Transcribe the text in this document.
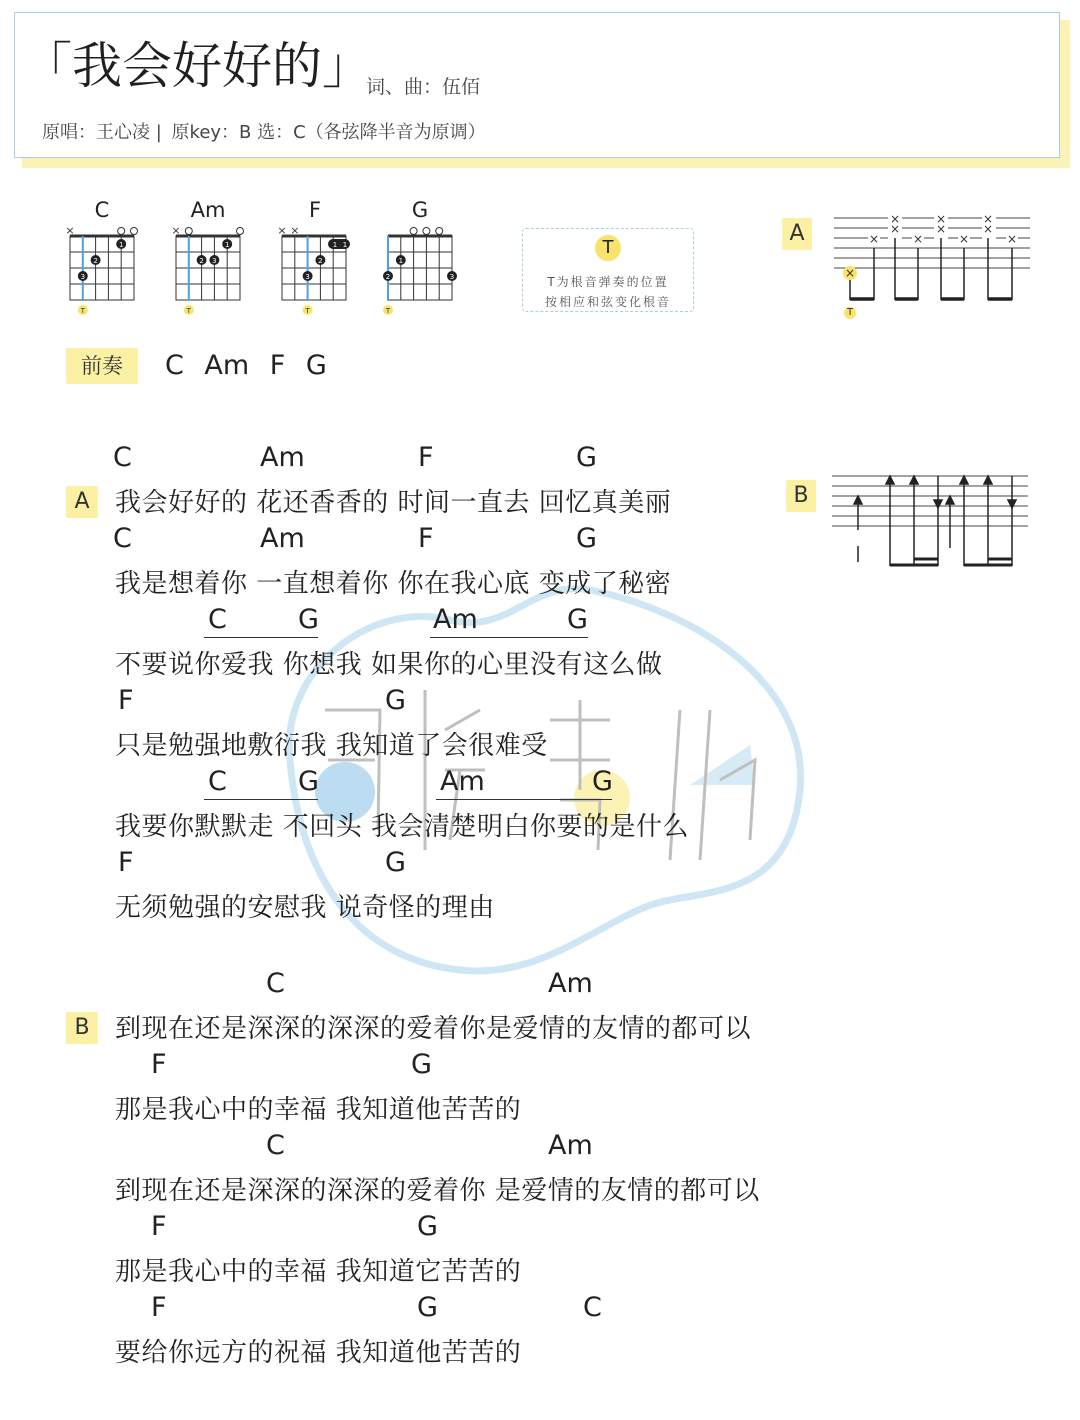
「我会好好的」
词、曲：伍佰
原唱：王心凌 | 原key：B 选：C（各弦降半音为原调）
C	Am	F	G
×
1
2
3
T
×
1
2 3
T
× ×
1 1
2
3
T
1
2	3
T
T
T为根音弹奏的位置
按相应和弦变化根音
A
×
×
×
×
×
×
×	×	×	×
×
T
B
前奏	C Am F G
A
B
C	Am	F	G
我会好好的 花还香香的 时间一直去 回忆真美丽
C	Am	F	G
我是想着你 一直想着你 你在我心底 变成了秘密
C	G	Am	G
不要说你爱我 你想我 如果你的心里没有这么做
F	G
只是勉强地敷衍我 我知道了会很难受
C	G	Am	G
我要你默默走 不回头 我会清楚明白你要的是什么
F	G
无须勉强的安慰我 说奇怪的理由
C	Am
到现在还是深深的深深的爱着你是爱情的友情的都可以
F	G
那是我心中的幸福 我知道他苦苦的
C	Am
到现在还是深深的深深的爱着你 是爱情的友情的都可以
F	G
那是我心中的幸福 我知道它苦苦的
F	G	C
要给你远方的祝福 我知道他苦苦的
